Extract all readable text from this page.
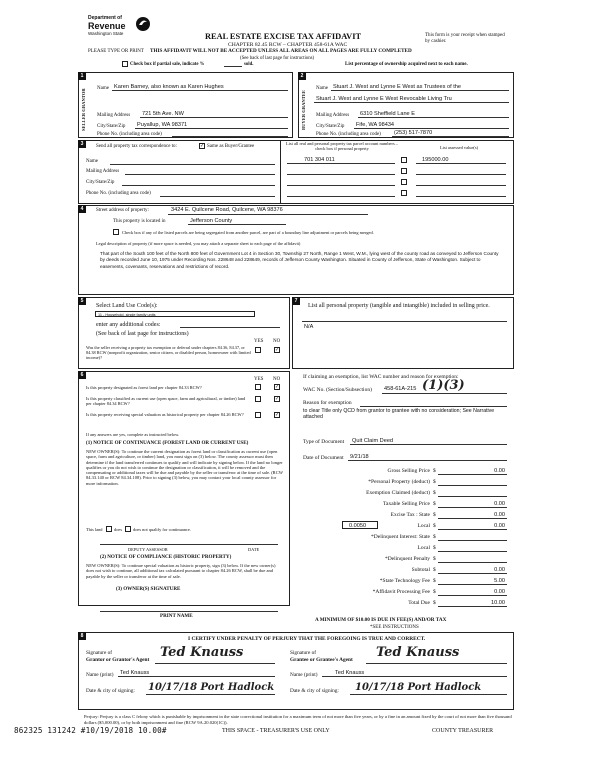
Department of
Revenue
Washington State
PLEASE TYPE OR PRINT
REAL ESTATE EXCISE TAX AFFIDAVIT
CHAPTER 82.45 RCW – CHAPTER 458-61A WAC
THIS AFFIDAVIT WILL NOT BE ACCEPTED UNLESS ALL AREAS ON ALL PAGES ARE FULLY COMPLETED
(See back of last page for instructions)
This form is your receipt when stamped by cashier.
Check box if partial sale, indicate %	sold.	List percentage of ownership acquired next to each name.
1
SELLER GRANTOR
Name Karen Barney, also known as Karen Hughes
Mailing Address 721 5th Ave. NW
City/State/Zip Puyallup, WA 98371
Phone No. (including area code)
2
BUYER GRANTEE
Name Stuart J. West and Lynne E West as Trustees of the
Stuart J. West and Lynne E West Revocable Living Tru
Mailing Address 6310 Sheffield Lane E
City/State/Zip Fife, WA 98434
Phone No. (including area code) (253) 517-7870
3	Send all property tax correspondence to:	✓ Same as Buyer/Grantee
List all real and personal property tax parcel account numbers – check box if personal property	List assessed value(s)
701 304 011	195000.00
Name
Mailing Address
City/State/Zip
Phone No. (including area code)
4	Street address of property:	3424 E. Quilcene Road, Quilcene, WA 98376
This property is located in	Jefferson County
Check box if any of the listed parcels are being segregated from another parcel, are part of a boundary line adjustment or parcels being merged.
Legal description of property (if more space is needed, you may attach a separate sheet to each page of the affidavit)
That part of the South 100 feet of the North 800 feet of Government Lot 4 in Section 30, Township 27 North, Range 1 West, W.M., lying west of the county road as conveyed to Jefferson County by deeds recorded June 10, 1975 under Recording Nos. 228648 and 228649, records of Jefferson County Washington. Situated in County of Jefferson, State of Washington. Subject to easements, covenants, reservations and restrictions of record.
5
Select Land Use Code(s):
11 - Household, single family units
enter any additional codes:
(See back of last page for instructions)
YES NO
Was the seller receiving a property tax exemption or deferral under chapters 84.36, 84.37, or 84.38 RCW (nonprofit organization, senior citizen, or disabled person, homeowner with limited income)?
✓
6
YES NO
Is this property designated as forest land per chapter 84.33 RCW?	✓
Is this property classified as current use (open space, farm and agricultural, or timber) land per chapter 84.34 RCW?
✓
Is this property receiving special valuation as historical property per chapter 84.26 RCW?	✓
If any answers are yes, complete as instructed below.
(1) NOTICE OF CONTINUANCE (FOREST LAND OR CURRENT USE)
NEW OWNER(S): To continue the current designation as forest land or classification as current use (open space, farm and agriculture, or timber) land, you must sign on (3) below. The county assessor must then determine if the land transferred continues to qualify and will indicate by signing below. If the land no longer qualifies or you do not wish to continue the designation or classification, it will be removed and the compensating or additional taxes will be due and payable by the seller or transferor at the time of sale. (RCW 84.33.140 or RCW 84.34.108). Prior to signing (3) below, you may contact your local county assessor for more information.
This land	does does not qualify for continuance.
DEPUTY ASSESSOR	DATE
(2) NOTICE OF COMPLIANCE (HISTORIC PROPERTY)
NEW OWNER(S): To continue special valuation as historic property, sign (3) below. If the new owner(s) does not wish to continue, all additional tax calculated pursuant to chapter 84.26 RCW, shall be due and payable by the seller or transferor at the time of sale.
(3) OWNER(S) SIGNATURE
PRINT NAME
7
List all personal property (tangible and intangible) included in selling price.
N/A
If claiming an exemption, list WAC number and reason for exemption:
WAC No. (Section/Subsection) 458-61A-215 (1)(3)
Reason for exemption
to clear Title only QCD from grantor to grantee with no consideration; See Narrative attached
Type of Document Quit Claim Deed
Date of Document 9/21/18
Gross Selling Price $	0.00
*Personal Property (deduct) $
Exemption Claimed (deduct) $
Taxable Selling Price $	0.00
Excise Tax : State $	0.00
0.0050	Local $	0.00
*Delinquent Interest: State $
Local $
*Delinquent Penalty $
Subtotal $	0.00
*State Technology Fee $	5.00
*Affidavit Processing Fee $	0.00
Total Due $	10.00
A MINIMUM OF $10.00 IS DUE IN FEE(S) AND/OR TAX
*SEE INSTRUCTIONS
8	I CERTIFY UNDER PENALTY OF PERJURY THAT THE FOREGOING IS TRUE AND CORRECT.
Signature of
Grantor or Grantor's Agent Ted Knauss
Name (print) Ted Knauss
Date & city of signing: 10/17/18 Port Hadlock
Signature of
Grantee or Grantee's Agent Ted Knauss
Name (print)	Ted Knauss
Date & city of signing: 10/17/18 Port Hadlock
Perjury: Perjury is a class C felony which is punishable by imprisonment in the state correctional institution for a maximum term of not more than five years, or by a fine in an amount fixed by the court of not more than five thousand dollars ($5,000.00), or by both imprisonment and fine (RCW 9A.20.020(1C)).
862325 131242 #10/19/2018 10.00#	THIS SPACE - TREASURER'S USE ONLY	COUNTY TREASURER
